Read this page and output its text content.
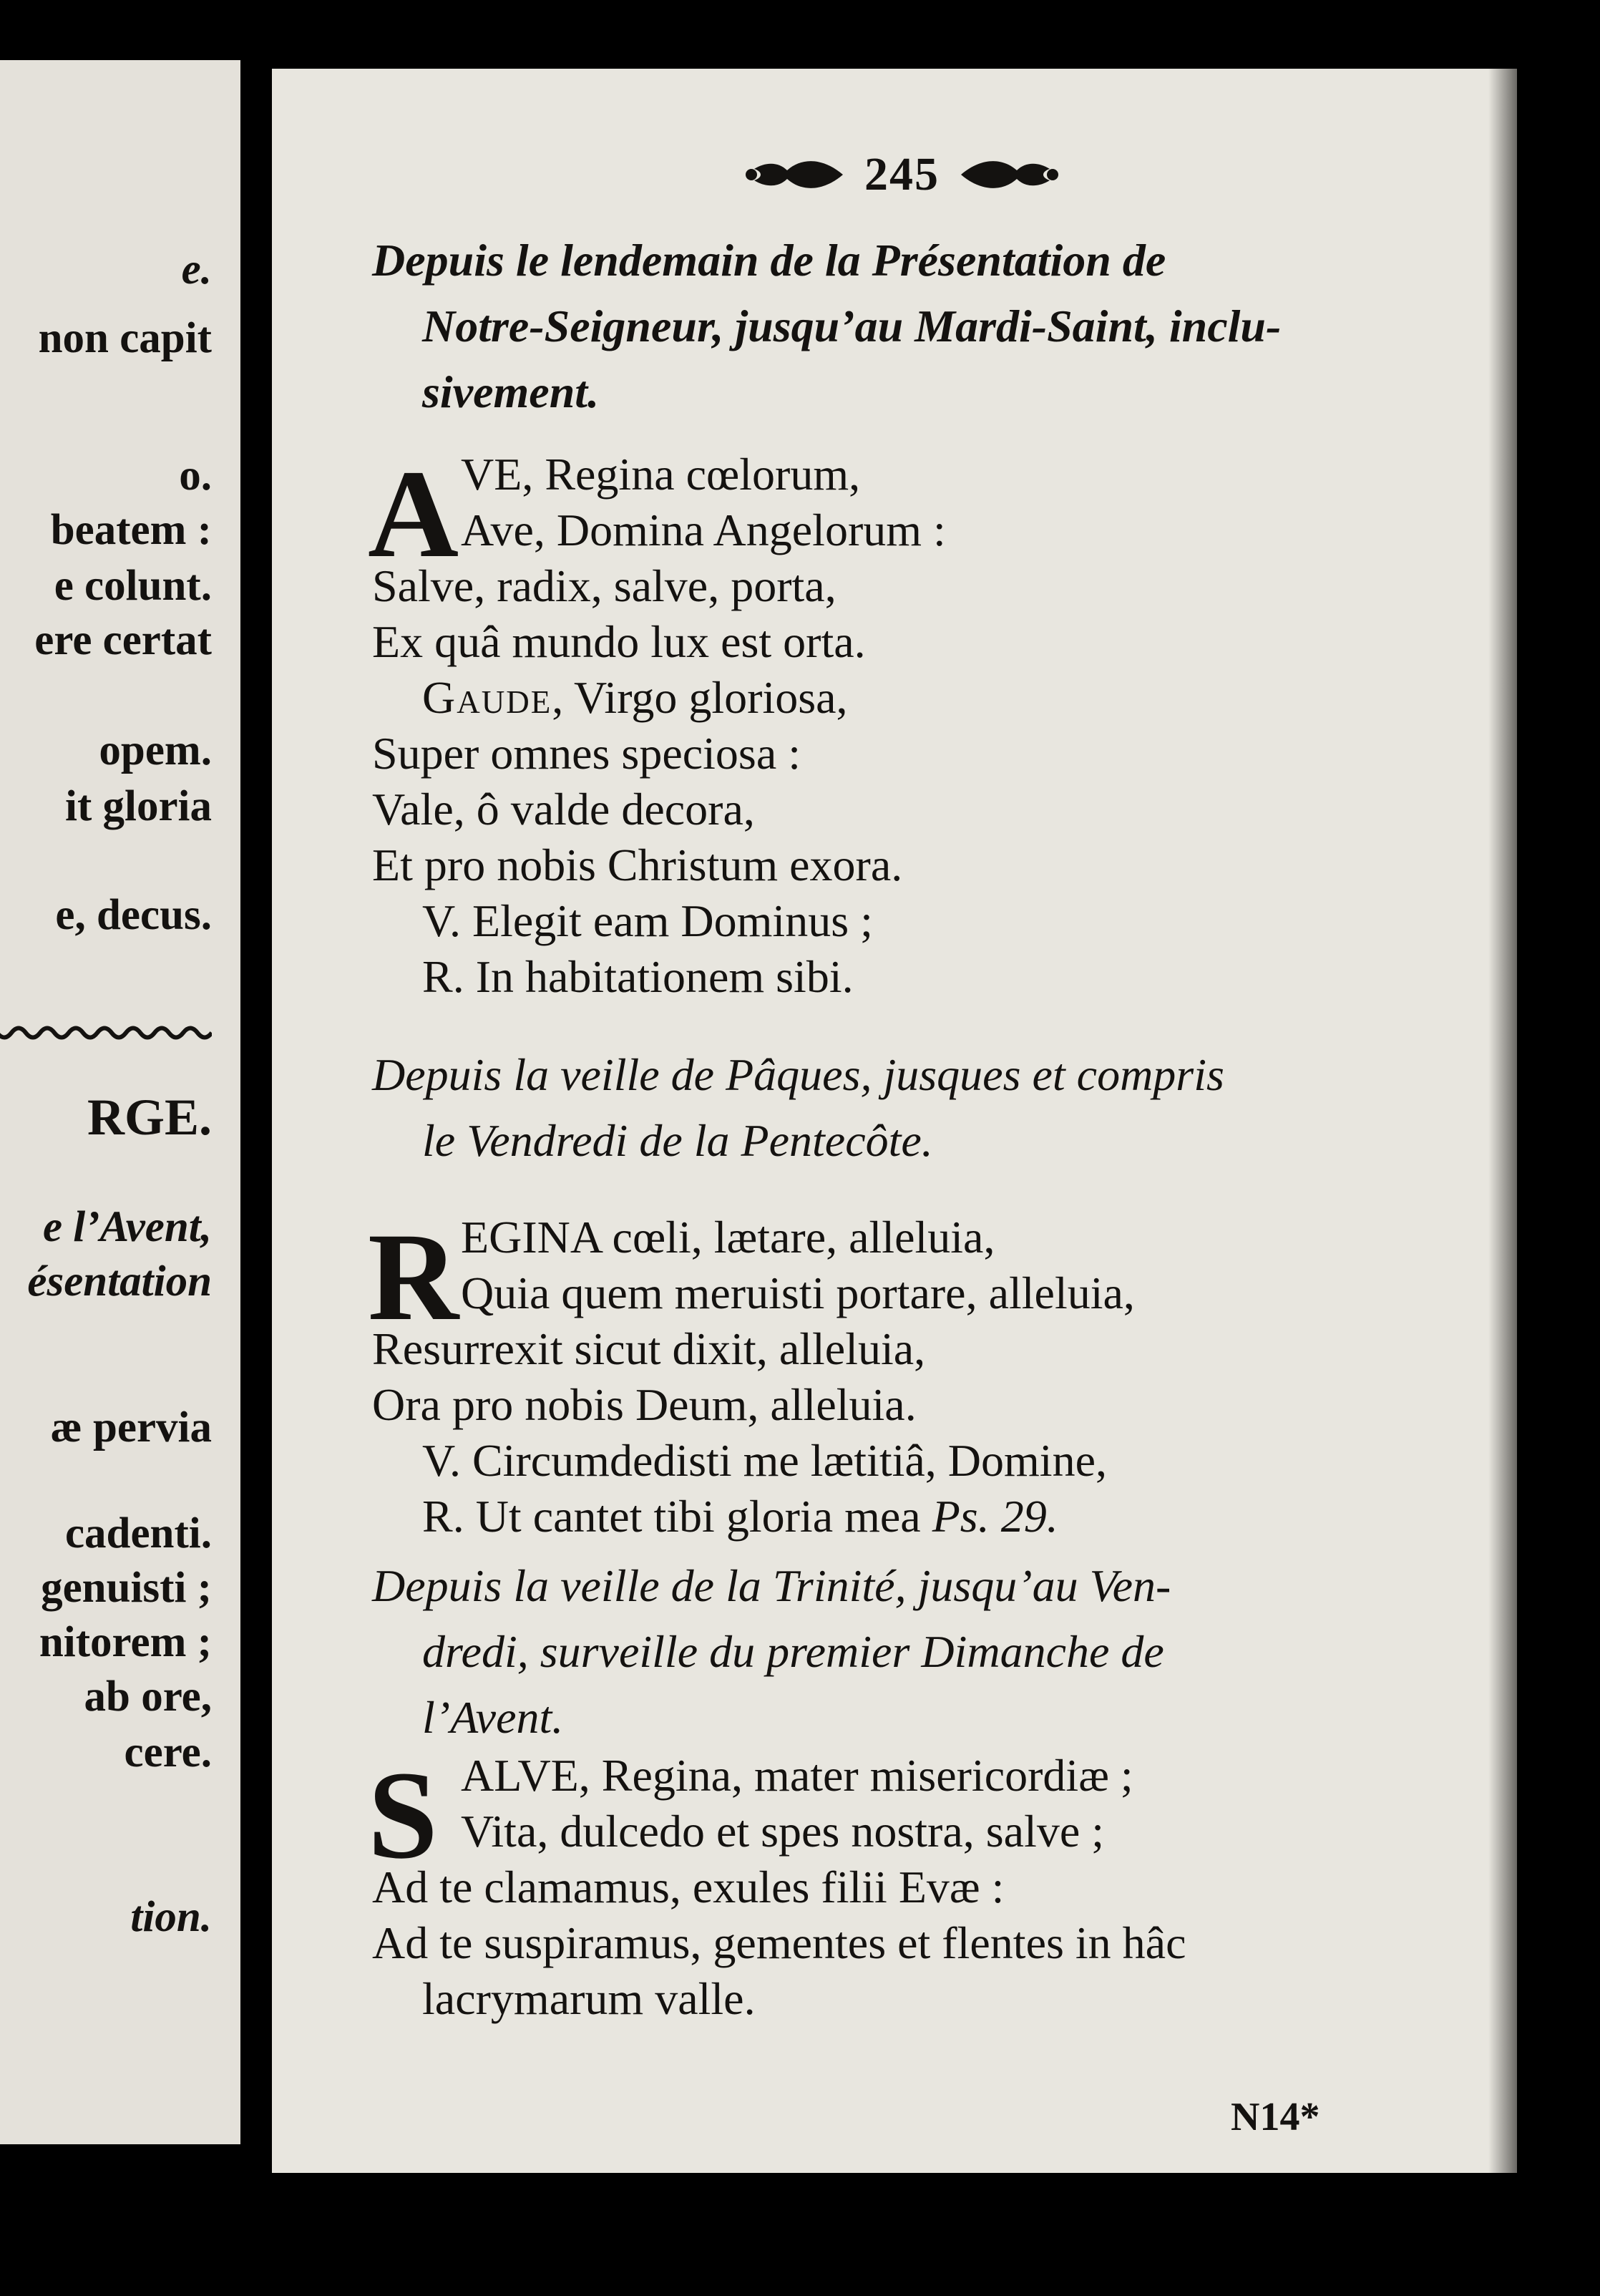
e.
non capit
o.
beatem :
e colunt.
ere certat
opem.
it gloria
e, decus.
RGE.
e l’Avent,
ésentation
æ pervia
cadenti.
genuisti ;
nitorem ;
ab ore,
cere.
tion.
245
Depuis le lendemain de la Présentation de
Notre-Seigneur, jusqu’au Mardi-Saint, inclu-
sivement.
A VE, Regina cœlorum,
Ave, Domina Angelorum :
Salve, radix, salve, porta,
Ex quâ mundo lux est orta.
Gaude, Virgo gloriosa,
Super omnes speciosa :
Vale, ô valde decora,
Et pro nobis Christum exora.
V. Elegit eam Dominus ;
R. In habitationem sibi.
Depuis la veille de Pâques, jusques et compris
le Vendredi de la Pentecôte.
R EGINA cœli, lætare, alleluia,
Quia quem meruisti portare, alleluia,
Resurrexit sicut dixit, alleluia,
Ora pro nobis Deum, alleluia.
V. Circumdedisti me lætitiâ, Domine,
R. Ut cantet tibi gloria mea Ps. 29.
Depuis la veille de la Trinité, jusqu’au Ven-
dredi, surveille du premier Dimanche de
l’Avent.
S ALVE, Regina, mater misericordiæ ;
Vita, dulcedo et spes nostra, salve ;
Ad te clamamus, exules filii Evæ :
Ad te suspiramus, gementes et flentes in hâc
lacrymarum valle.
N14*
